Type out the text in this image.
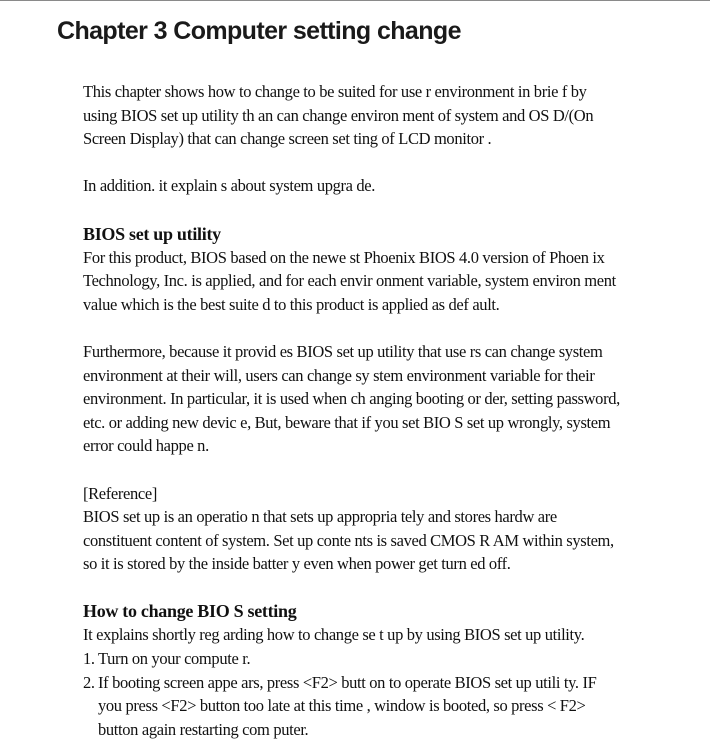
Chapter 3 Computer setting change

This chapter shows how to change to be suited for use r environment in brie f by
using BIOS set up utility th an can change environ ment of system and OS D/(On
Screen Display) that can change screen set ting of LCD monitor .

In addition. it explain s about system upgra de.

BIOS set up utility

For this product, BIOS based on the newe st Phoenix BIOS 4.0 version of Phoen ix
Technology, Inc. is applied, and for each envir onment variable, system environ ment
value which is the best suite d to this product is applied as def ault.

Furthermore, because it provid es BIOS set up utility that use rs can change system
environment at their will, users can change sy stem environment variable for their
environment. In particular, it is used when ch anging booting or der, setting password,
etc. or adding new devic e, But, beware that if you set BIO S set up wrongly, system
error could happe n.

[Reference]
BIOS set up is an operatio n that sets up appropria tely and stores hardw are
constituent content of system. Set up conte nts is saved CMOS R AM within system,
so it is stored by the inside batter y even when power get turn ed off.

How to change BIO S setting

It explains shortly reg arding how to change se t up by using BIOS set up utility.

1. Turn on your compute r.
2. If booting screen appe ars, press <F2> butt on to operate BIOS set up utili ty. IF
you press <F2> button too late at this time , window is booted, so press < F2>
button again restarting com puter.
